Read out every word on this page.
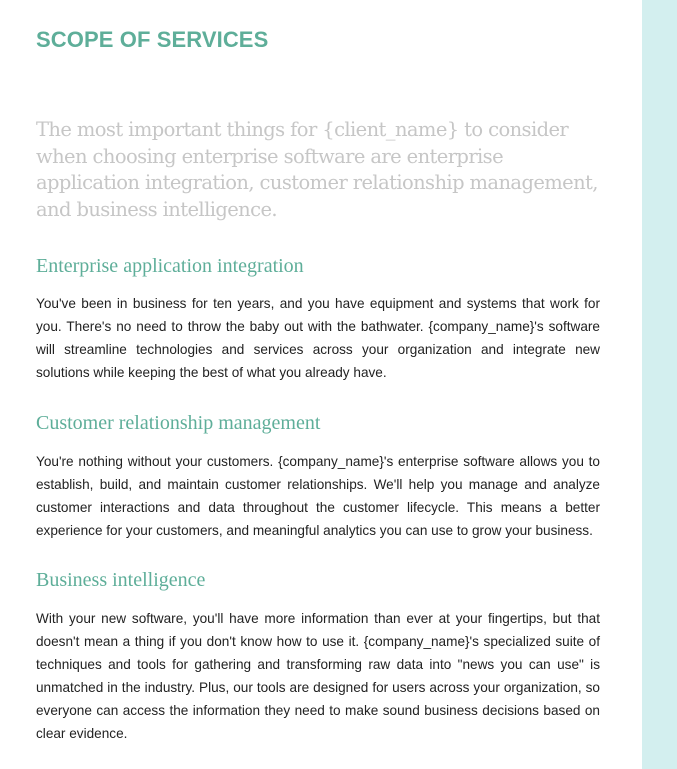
SCOPE OF SERVICES

The most important things for {client_name} to consider when choosing enterprise software are enterprise application integration, customer relationship management, and business intelligence.

Enterprise application integration

You've been in business for ten years, and you have equipment and systems that work for you. There's no need to throw the baby out with the bathwater. {company_name}'s software will streamline technologies and services across your organization and integrate new solutions while keeping the best of what you already have.

Customer relationship management

You're nothing without your customers. {company_name}'s enterprise software allows you to establish, build, and maintain customer relationships. We'll help you manage and analyze customer interactions and data throughout the customer lifecycle. This means a better experience for your customers, and meaningful analytics you can use to grow your business.

Business intelligence

With your new software, you'll have more information than ever at your fingertips, but that doesn't mean a thing if you don't know how to use it. {company_name}'s specialized suite of techniques and tools for gathering and transforming raw data into "news you can use" is unmatched in the industry. Plus, our tools are designed for users across your organization, so everyone can access the information they need to make sound business decisions based on clear evidence.
